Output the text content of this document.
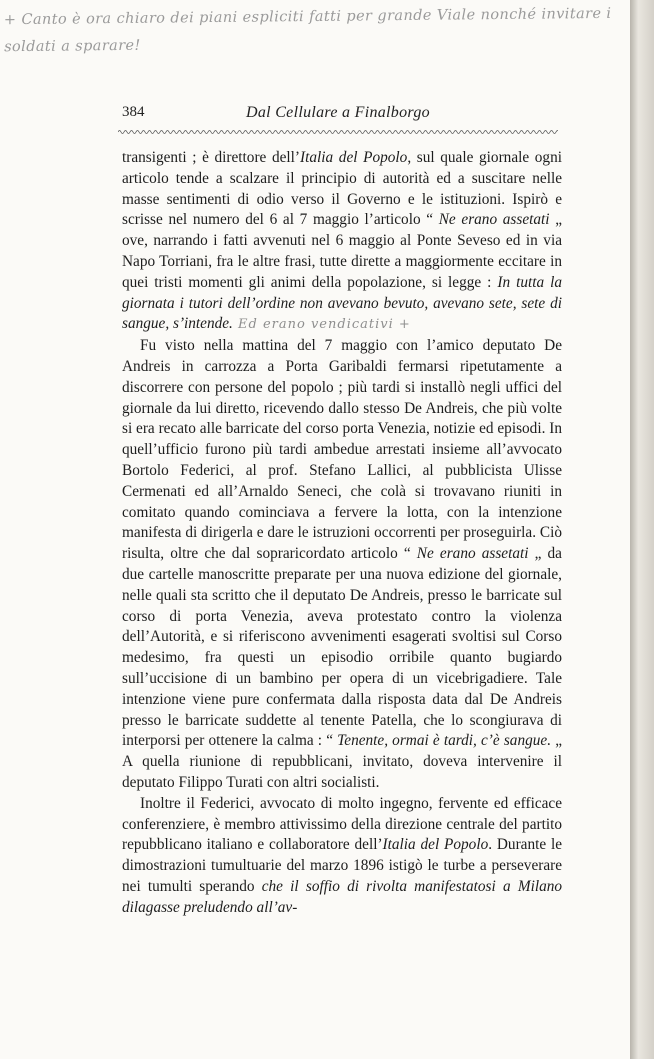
+ Canto è ora chiaro dei piani espliciti fatti per grande Viale nonché invitare i soldati a sparare!
384	Dal Cellulare a Finalborgo

transigenti ; è direttore dell’Italia del Popolo, sul quale giornale ogni articolo tende a scalzare il principio di autorità ed a suscitare nelle masse sentimenti di odio verso il Governo e le istituzioni. Ispirò e scrisse nel numero del 6 al 7 maggio l’articolo “ Ne erano assetati „ ove, narrando i fatti avvenuti nel 6 maggio al Ponte Seveso ed in via Napo Torriani, fra le altre frasi, tutte dirette a maggiormente eccitare in quei tristi momenti gli animi della popolazione, si legge : In tutta la giornata i tutori dell’ordine non avevano bevuto, avevano sete, sete di sangue, s’intende. Ed erano vendicativi +

Fu visto nella mattina del 7 maggio con l’amico deputato De Andreis in carrozza a Porta Garibaldi fermarsi ripetutamente a discorrere con persone del popolo ; più tardi si installò negli uffici del giornale da lui diretto, ricevendo dallo stesso De Andreis, che più volte si era recato alle barricate del corso porta Venezia, notizie ed episodi. In quell’ufficio furono più tardi ambedue arrestati insieme all’avvocato Bortolo Federici, al prof. Stefano Lallici, al pubblicista Ulisse Cermenati ed all’Arnaldo Seneci, che colà si trovavano riuniti in comitato quando cominciava a fervere la lotta, con la intenzione manifesta di dirigerla e dare le istruzioni occorrenti per proseguirla. Ciò risulta, oltre che dal sopraricordato articolo “ Ne erano assetati „ da due cartelle manoscritte preparate per una nuova edizione del giornale, nelle quali sta scritto che il deputato De Andreis, presso le barricate sul corso di porta Venezia, aveva protestato contro la violenza dell’Autorità, e si riferiscono avvenimenti esagerati svoltisi sul Corso medesimo, fra questi un episodio orribile quanto bugiardo sull’uccisione di un bambino per opera di un vicebrigadiere. Tale intenzione viene pure confermata dalla risposta data dal De Andreis presso le barricate suddette al tenente Patella, che lo scongiurava di interporsi per ottenere la calma : “ Tenente, ormai è tardi, c’è sangue. „ A quella riunione di repubblicani, invitato, doveva intervenire il deputato Filippo Turati con altri socialisti.

Inoltre il Federici, avvocato di molto ingegno, fervente ed efficace conferenziere, è membro attivissimo della direzione centrale del partito repubblicano italiano e collaboratore dell’Italia del Popolo. Durante le dimostrazioni tumultuarie del marzo 1896 istigò le turbe a perseverare nei tumulti sperando che il soffio di rivolta manifestatosi a Milano dilagasse preludendo all’av-
